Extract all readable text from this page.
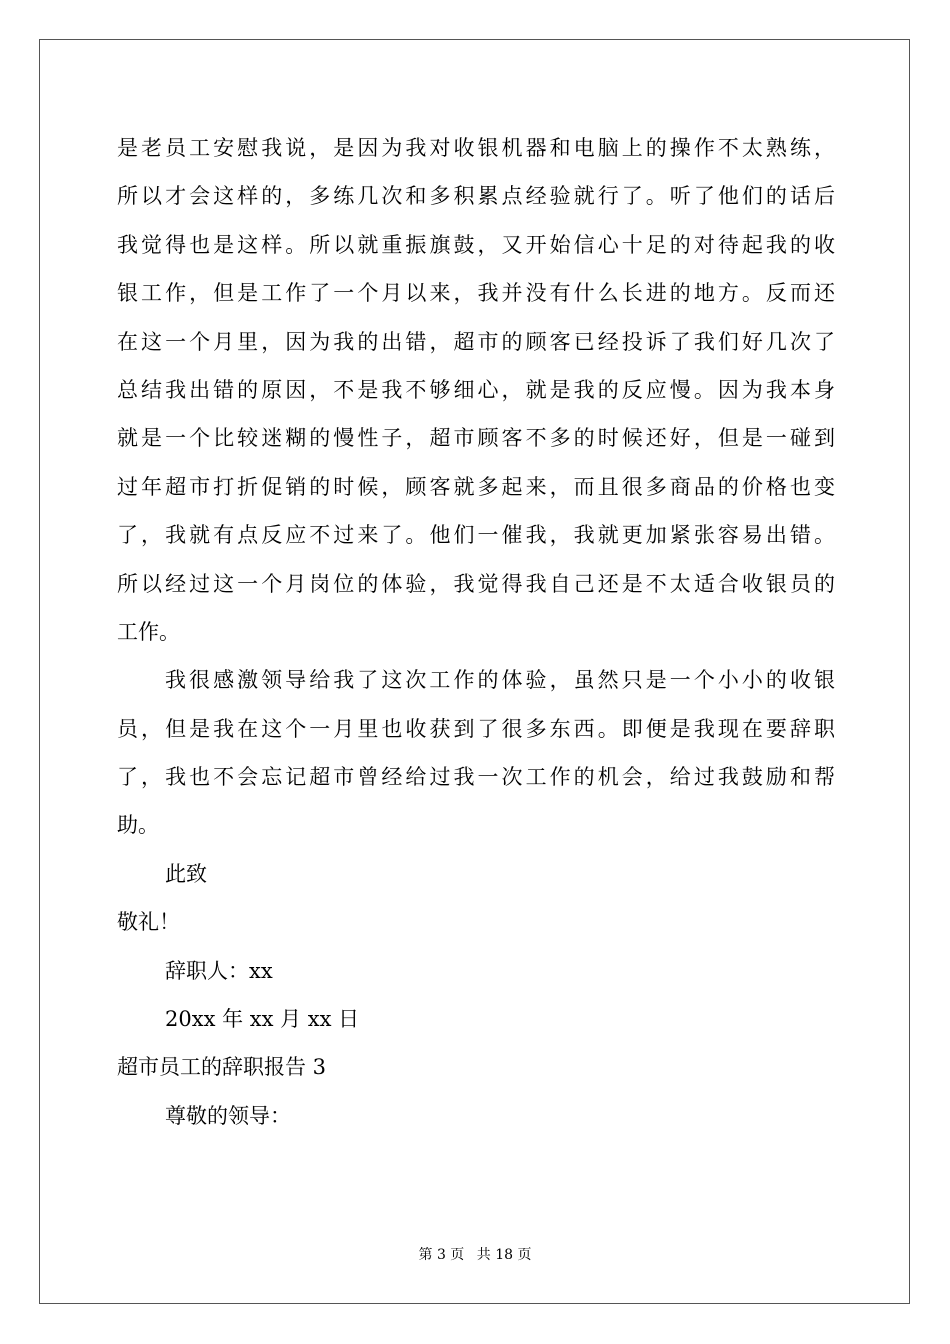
是老员工安慰我说，是因为我对收银机器和电脑上的操作不太熟练，
所以才会这样的，多练几次和多积累点经验就行了。听了他们的话后
我觉得也是这样。所以就重振旗鼓，又开始信心十足的对待起我的收
银工作，但是工作了一个月以来，我并没有什么长进的地方。反而还
在这一个月里，因为我的出错，超市的顾客已经投诉了我们好几次了
总结我出错的原因，不是我不够细心，就是我的反应慢。因为我本身
就是一个比较迷糊的慢性子，超市顾客不多的时候还好，但是一碰到
过年超市打折促销的时候，顾客就多起来，而且很多商品的价格也变
了，我就有点反应不过来了。他们一催我，我就更加紧张容易出错。
所以经过这一个月岗位的体验，我觉得我自己还是不太适合收银员的
工作。
我很感激领导给我了这次工作的体验，虽然只是一个小小的收银
员，但是我在这个一月里也收获到了很多东西。即便是我现在要辞职
了，我也不会忘记超市曾经给过我一次工作的机会，给过我鼓励和帮
助。
此致
敬礼！
辞职人：xx
20xx 年 xx 月 xx 日
超市员工的辞职报告 3
尊敬的领导：
第 3 页 共 18 页
